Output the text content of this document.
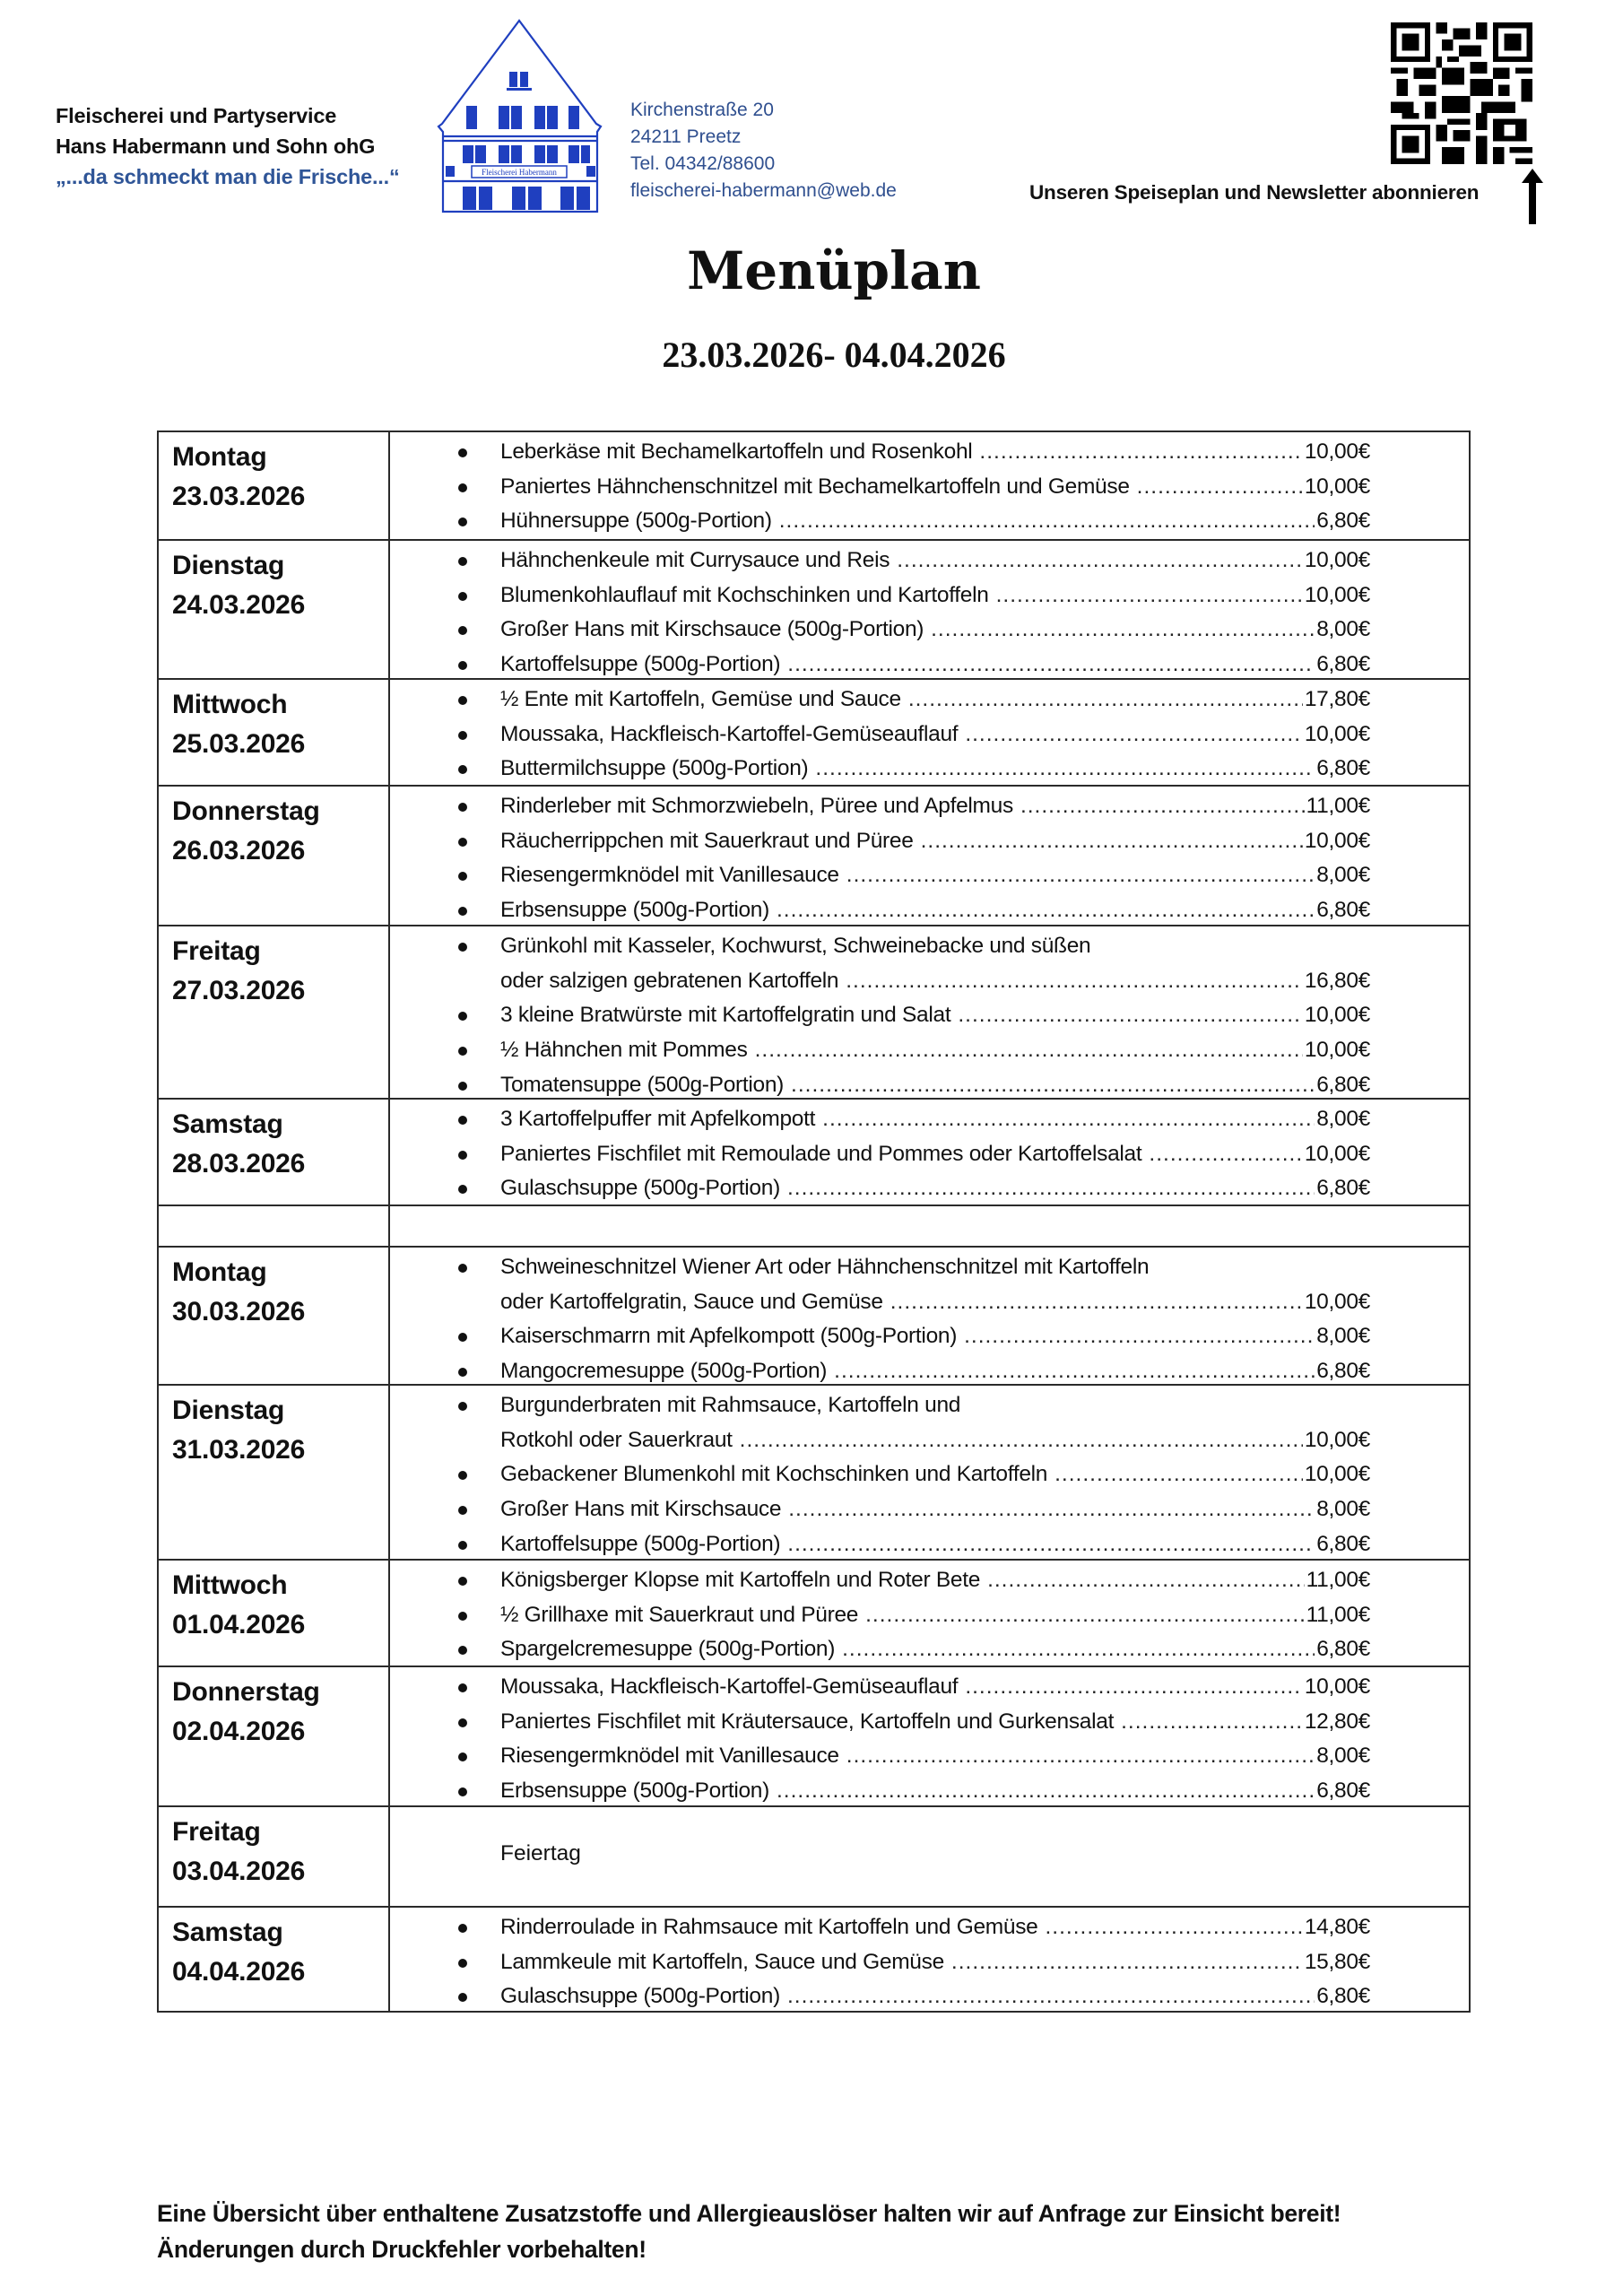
Fleischerei und Partyservice
Hans Habermann und Sohn ohG
„...da schmeckt man die Frische...“	Fleischerei Habermann
Kirchenstraße 20
24211 Preetz
Tel. 04342/88600
fleischerei-habermann@web.de	Unseren Speiseplan und Newsletter abonnieren
Menüplan
23.03.2026- 04.04.2026
Montag
23.03.2026
Leberkäse mit Bechamelkartoffeln und Rosenkohl .....	10,00€
Paniertes Hähnchenschnitzel mit Bechamelkartoffeln und Gemüse .....	10,00€
Hühnersuppe (500g-Portion) .....	6,80€
Dienstag
24.03.2026
Hähnchenkeule mit Currysauce und Reis .....	10,00€
Blumenkohlauflauf mit Kochschinken und Kartoffeln .....	10,00€
Großer Hans mit Kirschsauce (500g-Portion) .....	8,00€
Kartoffelsuppe (500g-Portion) .....	6,80€
Mittwoch
25.03.2026
½ Ente mit Kartoffeln, Gemüse und Sauce .....	17,80€
Moussaka, Hackfleisch-Kartoffel-Gemüseauflauf .....	10,00€
Buttermilchsuppe (500g-Portion) .....	6,80€
Donnerstag
26.03.2026
Rinderleber mit Schmorzwiebeln, Püree und Apfelmus .....	11,00€
Räucherrippchen mit Sauerkraut und Püree .....	10,00€
Riesengermknödel mit Vanillesauce .....	8,00€
Erbsensuppe (500g-Portion) .....	6,80€
Freitag
27.03.2026
Grünkohl mit Kasseler, Kochwurst, Schweinebacke und süßen
oder salzigen gebratenen Kartoffeln .....	16,80€
3 kleine Bratwürste mit Kartoffelgratin und Salat .....	10,00€
½ Hähnchen mit Pommes .....	10,00€
Tomatensuppe (500g-Portion) .....	6,80€
Samstag
28.03.2026
3 Kartoffelpuffer mit Apfelkompott .....	8,00€
Paniertes Fischfilet mit Remoulade und Pommes oder Kartoffelsalat .....	10,00€
Gulaschsuppe (500g-Portion) .....	6,80€
Montag
30.03.2026
Schweineschnitzel Wiener Art oder Hähnchenschnitzel mit Kartoffeln
oder Kartoffelgratin, Sauce und Gemüse .....	10,00€
Kaiserschmarrn mit Apfelkompott (500g-Portion) .....	8,00€
Mangocremesuppe (500g-Portion) .....	6,80€
Dienstag
31.03.2026
Burgunderbraten mit Rahmsauce, Kartoffeln und
Rotkohl oder Sauerkraut .....	10,00€
Gebackener Blumenkohl mit Kochschinken und Kartoffeln .....	10,00€
Großer Hans mit Kirschsauce .....	8,00€
Kartoffelsuppe (500g-Portion) .....	6,80€
Mittwoch
01.04.2026
Königsberger Klopse mit Kartoffeln und Roter Bete .....	11,00€
½ Grillhaxe mit Sauerkraut und Püree .....	11,00€
Spargelcremesuppe (500g-Portion) .....	6,80€
Donnerstag
02.04.2026
Moussaka, Hackfleisch-Kartoffel-Gemüseauflauf .....	10,00€
Paniertes Fischfilet mit Kräutersauce, Kartoffeln und Gurkensalat .....	12,80€
Riesengermknödel mit Vanillesauce .....	8,00€
Erbsensuppe (500g-Portion) .....	6,80€
Freitag
03.04.2026
Feiertag
Samstag
04.04.2026
Rinderroulade in Rahmsauce mit Kartoffeln und Gemüse .....	14,80€
Lammkeule mit Kartoffeln, Sauce und Gemüse .....	15,80€
Gulaschsuppe (500g-Portion) .....	6,80€
Eine Übersicht über enthaltene Zusatzstoffe und Allergieauslöser halten wir auf Anfrage zur Einsicht bereit!
Änderungen durch Druckfehler vorbehalten!
